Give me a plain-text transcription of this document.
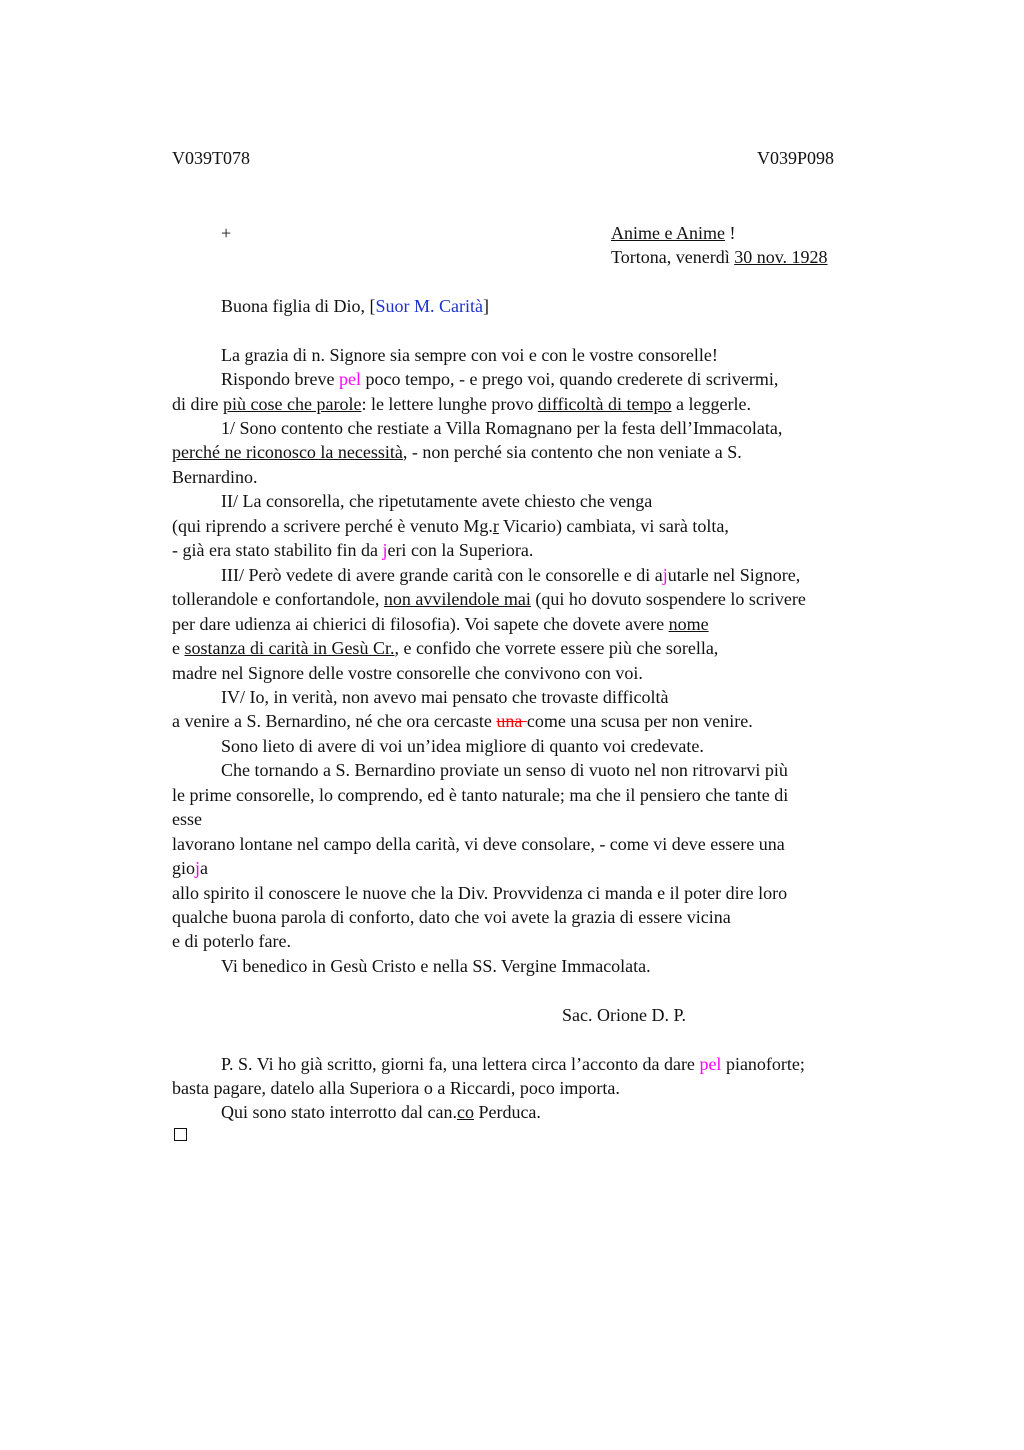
V039T078	V039P098
+	Anime e Anime !
Tortona, venerdì 30 nov. 1928
Buona figlia di Dio, [Suor M. Carità]
La grazia di n. Signore sia sempre con voi e con le vostre consorelle!
Rispondo breve pel poco tempo, - e prego voi, quando crederete di scrivermi,
di dire più cose che parole: le lettere lunghe provo difficoltà di tempo a leggerle.
1/ Sono contento che restiate a Villa Romagnano per la festa dell’Immacolata,
perché ne riconosco la necessità, - non perché sia contento che non veniate a S.
Bernardino.
II/ La consorella, che ripetutamente avete chiesto che venga
(qui riprendo a scrivere perché è venuto Mg.r Vicario) cambiata, vi sarà tolta,
- già era stato stabilito fin da jeri con la Superiora.
III/ Però vedete di avere grande carità con le consorelle e di ajutarle nel Signore,
tollerandole e confortandole, non avvilendole mai (qui ho dovuto sospendere lo scrivere
per dare udienza ai chierici di filosofia). Voi sapete che dovete avere nome
e sostanza di carità in Gesù Cr., e confido che vorrete essere più che sorella,
madre nel Signore delle vostre consorelle che convivono con voi.
IV/ Io, in verità, non avevo mai pensato che trovaste difficoltà
a venire a S. Bernardino, né che ora cercaste una come una scusa per non venire.
Sono lieto di avere di voi un’idea migliore di quanto voi credevate.
Che tornando a S. Bernardino proviate un senso di vuoto nel non ritrovarvi più
le prime consorelle, lo comprendo, ed è tanto naturale; ma che il pensiero che tante di
esse
lavorano lontane nel campo della carità, vi deve consolare, - come vi deve essere una
gioja
allo spirito il conoscere le nuove che la Div. Provvidenza ci manda e il poter dire loro
qualche buona parola di conforto, dato che voi avete la grazia di essere vicina
e di poterlo fare.
Vi benedico in Gesù Cristo e nella SS. Vergine Immacolata.
Sac. Orione D. P.
P. S. Vi ho già scritto, giorni fa, una lettera circa l’acconto da dare pel pianoforte;
basta pagare, datelo alla Superiora o a Riccardi, poco importa.
Qui sono stato interrotto dal can.co Perduca.
